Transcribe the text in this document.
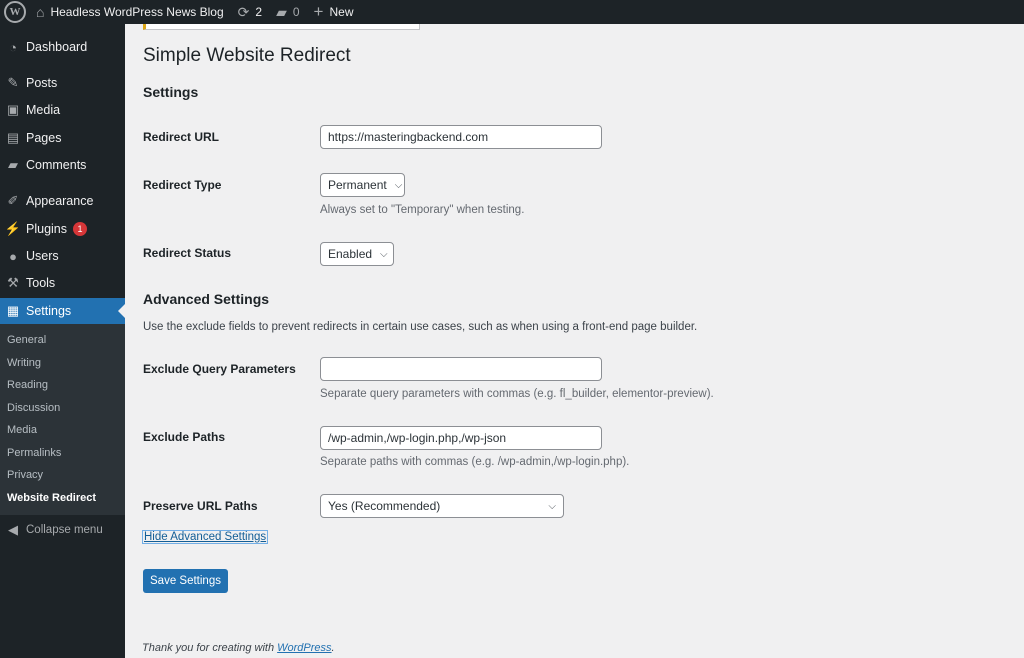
W	⌂ Headless WordPress News Blog ⟳ 2 ▰ 0 + New
◔ Dashboard
✎ Posts
▣ Media
▤ Pages
▰ Comments
✐ Appearance
⚡ Plugins	1
● Users
⚒ Tools
▦ Settings
General
Writing
Reading
Discussion
Media
Permalinks
Privacy
Website Redirect
◀ Collapse menu
Simple Website Redirect
Settings
Redirect URL	https://masteringbackend.com
Redirect Type	Permanent ⌵
Always set to "Temporary" when testing.
Redirect Status	Enabled ⌵
Advanced Settings
Use the exclude fields to prevent redirects in certain use cases, such as when using a front-end page builder.
Exclude Query Parameters
Separate query parameters with commas (e.g. fl_builder, elementor-preview).
Exclude Paths	/wp-admin,/wp-login.php,/wp-json
Separate paths with commas (e.g. /wp-admin,/wp-login.php).
Preserve URL Paths	Yes (Recommended)	⌵
Hide Advanced Settings
Save Settings
Thank you for creating with WordPress.
